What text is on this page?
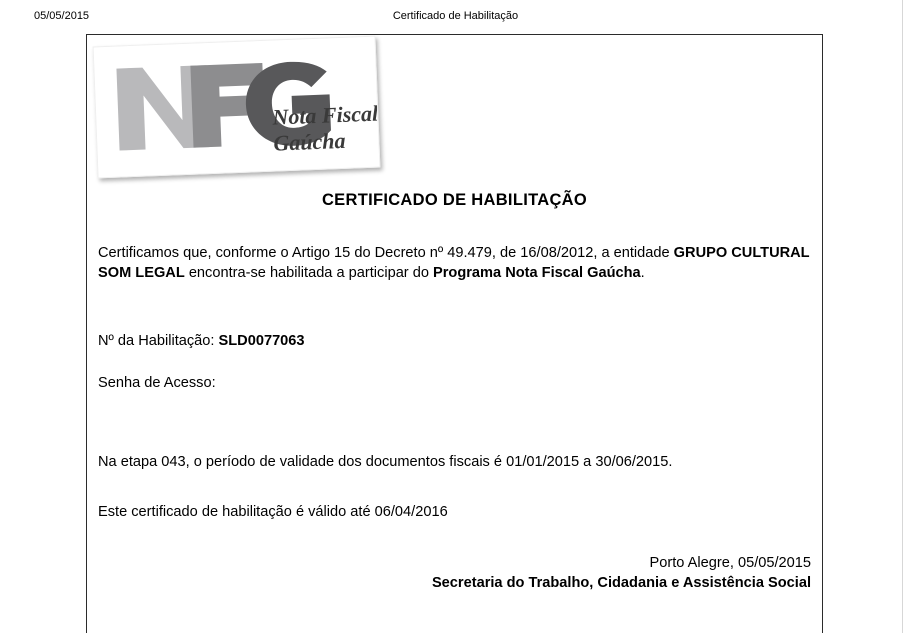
05/05/2015	Certificado de Habilitação
Nota Fiscal
Gaúcha
CERTIFICADO DE HABILITAÇÃO
Certificamos que, conforme o Artigo 15 do Decreto nº 49.479, de 16/08/2012, a entidade GRUPO CULTURAL SOM LEGAL encontra-se habilitada a participar do Programa Nota Fiscal Gaúcha.
Nº da Habilitação: SLD0077063
Senha de Acesso:
Na etapa 043, o período de validade dos documentos fiscais é 01/01/2015 a 30/06/2015.
Este certificado de habilitação é válido até 06/04/2016
Porto Alegre, 05/05/2015
Secretaria do Trabalho, Cidadania e Assistência Social
